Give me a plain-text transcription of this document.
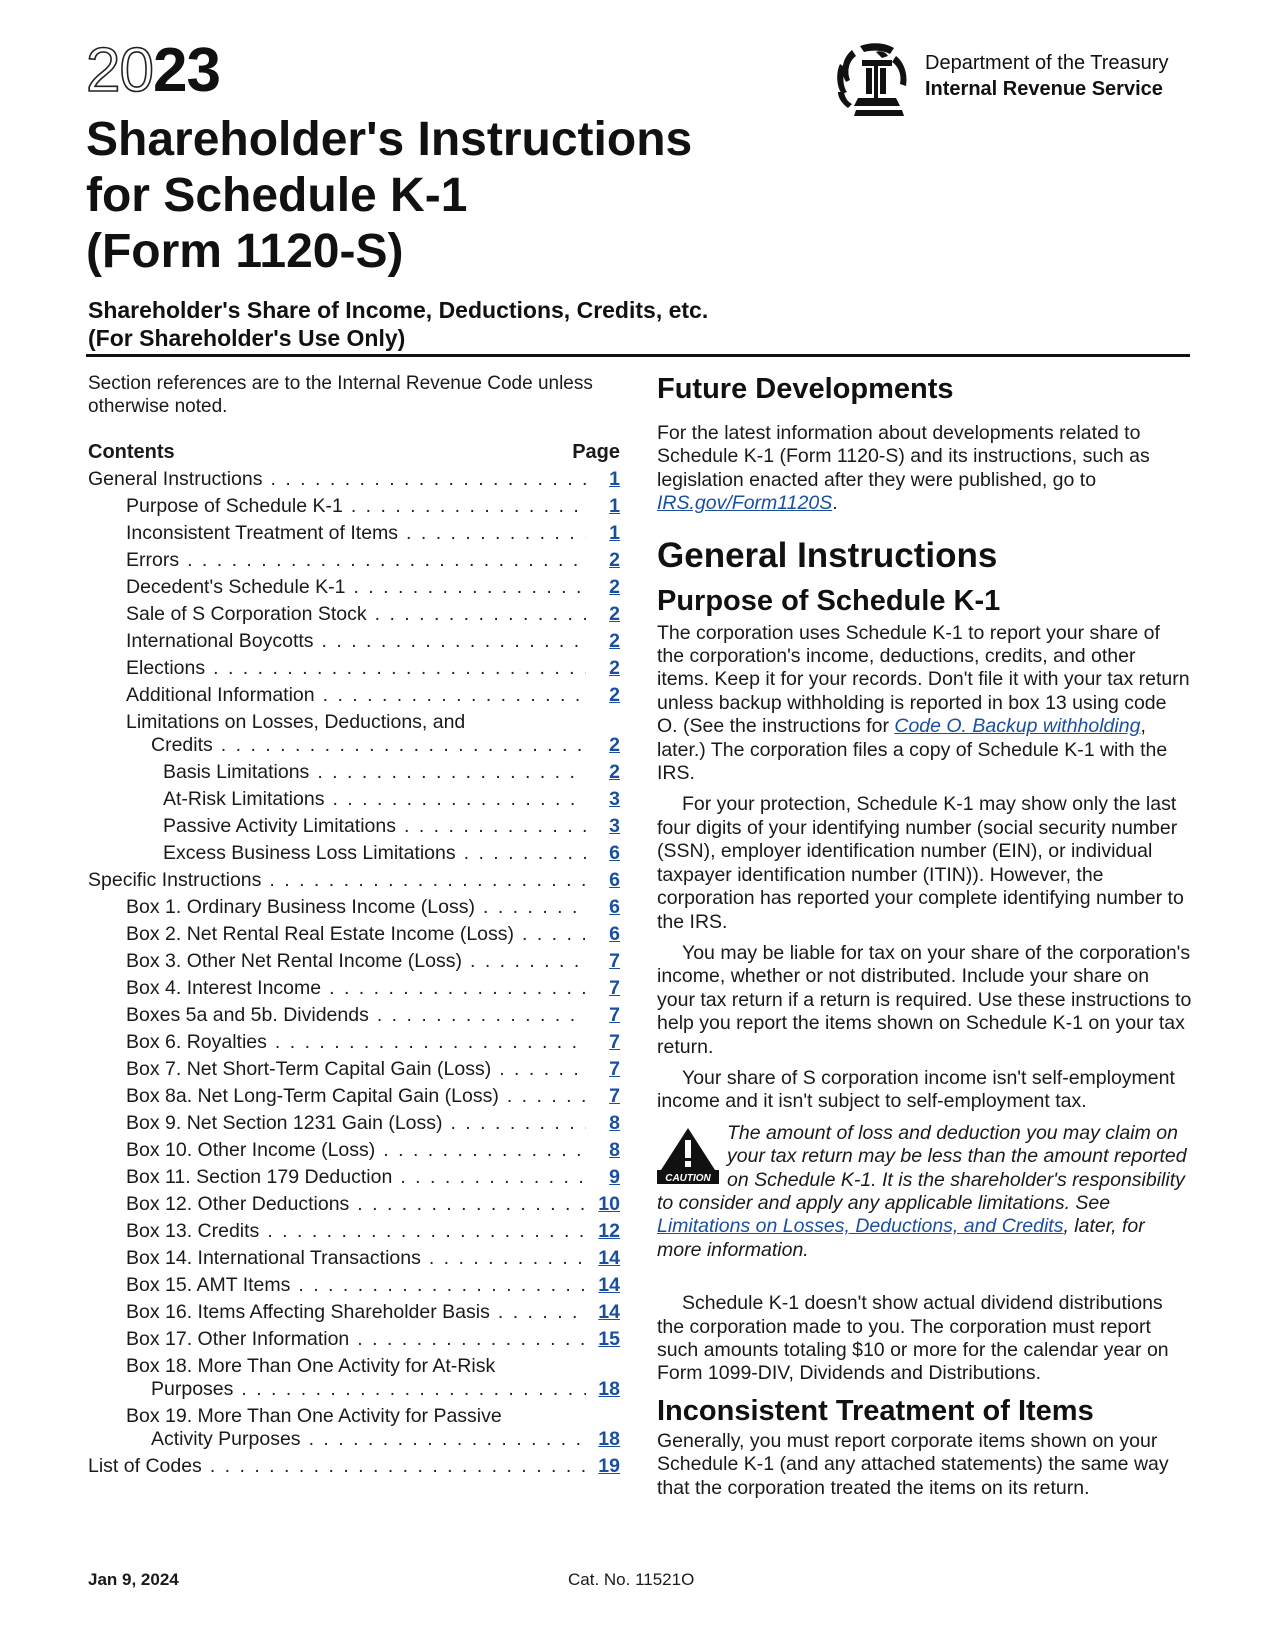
2023
Shareholder's Instructions
for Schedule K-1
(Form 1120-S)
Shareholder's Share of Income, Deductions, Credits, etc.
(For Shareholder's Use Only)
Department of the Treasury
Internal Revenue Service
Section references are to the Internal Revenue Code unless otherwise noted.
Contents	Page
General Instructions . . .	1
Purpose of Schedule K-1 . . .	1
Inconsistent Treatment of Items . . .	1
Errors . . .	2
Decedent's Schedule K-1 . . .	2
Sale of S Corporation Stock . . .	2
International Boycotts . . .	2
Elections . . .	2
Additional Information . . .	2
Limitations on Losses, Deductions, and
Credits . . .	2
Basis Limitations . . .	2
At-Risk Limitations . . .	3
Passive Activity Limitations . . .	3
Excess Business Loss Limitations . . .	6
Specific Instructions . . .	6
Box 1. Ordinary Business Income (Loss) . . .	6
Box 2. Net Rental Real Estate Income (Loss) . . .	6
Box 3. Other Net Rental Income (Loss) . . .	7
Box 4. Interest Income . . .	7
Boxes 5a and 5b. Dividends . . .	7
Box 6. Royalties . . .	7
Box 7. Net Short-Term Capital Gain (Loss) . . .	7
Box 8a. Net Long-Term Capital Gain (Loss) . . .	7
Box 9. Net Section 1231 Gain (Loss) . . .	8
Box 10. Other Income (Loss) . . .	8
Box 11. Section 179 Deduction . . .	9
Box 12. Other Deductions . . .	10
Box 13. Credits . . .	12
Box 14. International Transactions . . .	14
Box 15. AMT Items . . .	14
Box 16. Items Affecting Shareholder Basis . . .	14
Box 17. Other Information . . .	15
Box 18. More Than One Activity for At-Risk
Purposes . . .	18
Box 19. More Than One Activity for Passive
Activity Purposes . . .	18
List of Codes . . .	19
Future Developments

For the latest information about developments related to Schedule K-1 (Form 1120-S) and its instructions, such as legislation enacted after they were published, go to IRS.gov/Form1120S.

General Instructions
Purpose of Schedule K-1

The corporation uses Schedule K-1 to report your share of the corporation's income, deductions, credits, and other items. Keep it for your records. Don't file it with your tax return unless backup withholding is reported in box 13 using code O. (See the instructions for Code O. Backup withholding, later.) The corporation files a copy of Schedule K-1 with the IRS.

For your protection, Schedule K-1 may show only the last four digits of your identifying number (social security number (SSN), employer identification number (EIN), or individual taxpayer identification number (ITIN)). However, the corporation has reported your complete identifying number to the IRS.

You may be liable for tax on your share of the corporation's income, whether or not distributed. Include your share on your tax return if a return is required. Use these instructions to help you report the items shown on Schedule K-1 on your tax return.

Your share of S corporation income isn't self-employment income and it isn't subject to self-employment tax.

CAUTION
The amount of loss and deduction you may claim on your tax return may be less than the amount reported on Schedule K-1. It is the shareholder's responsibility to consider and apply any applicable limitations. See Limitations on Losses, Deductions, and Credits, later, for more information.

Schedule K-1 doesn't show actual dividend distributions the corporation made to you. The corporation must report such amounts totaling $10 or more for the calendar year on Form 1099-DIV, Dividends and Distributions.

Inconsistent Treatment of Items

Generally, you must report corporate items shown on your Schedule K-1 (and any attached statements) the same way that the corporation treated the items on its return.

Jan 9, 2024	Cat. No. 11521O
